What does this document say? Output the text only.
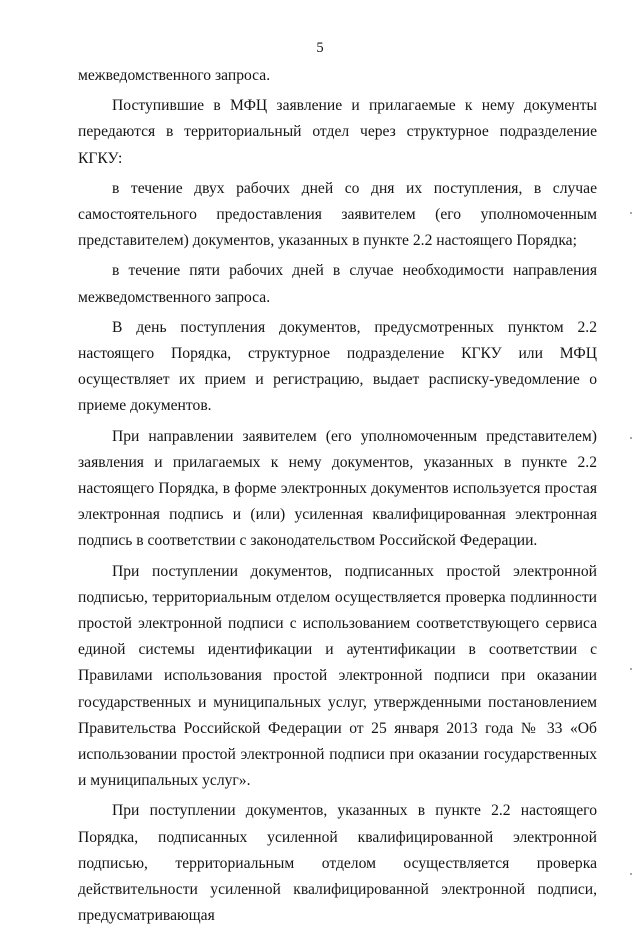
5

межведомственного запроса.

Поступившие в МФЦ заявление и прилагаемые к нему документы передаются в территориальный отдел через структурное подразделение КГКУ:

в течение двух рабочих дней со дня их поступления, в случае самостоятельного предоставления заявителем (его уполномоченным представителем) документов, указанных в пункте 2.2 настоящего Порядка;

в течение пяти рабочих дней в случае необходимости направления межведомственного запроса.

В день поступления документов, предусмотренных пунктом 2.2 настоящего Порядка, структурное подразделение КГКУ или МФЦ осуществляет их прием и регистрацию, выдает расписку-уведомление о приеме документов.

При направлении заявителем (его уполномоченным представителем) заявления и прилагаемых к нему документов, указанных в пункте 2.2 настоящего Порядка, в форме электронных документов используется простая электронная подпись и (или) усиленная квалифицированная электронная подпись в соответствии с законодательством Российской Федерации.

При поступлении документов, подписанных простой электронной подписью, территориальным отделом осуществляется проверка подлинности простой электронной подписи с использованием соответствующего сервиса единой системы идентификации и аутентификации в соответствии с Правилами использования простой электронной подписи при оказании государственных и муниципальных услуг, утвержденными постановлением Правительства Российской Федерации от 25 января 2013 года № 33 «Об использовании простой электронной подписи при оказании государственных и муниципальных услуг».

При поступлении документов, указанных в пункте 2.2 настоящего Порядка, подписанных усиленной квалифицированной электронной подписью, территориальным отделом осуществляется проверка действительности усиленной квалифицированной электронной подписи, предусматривающая
